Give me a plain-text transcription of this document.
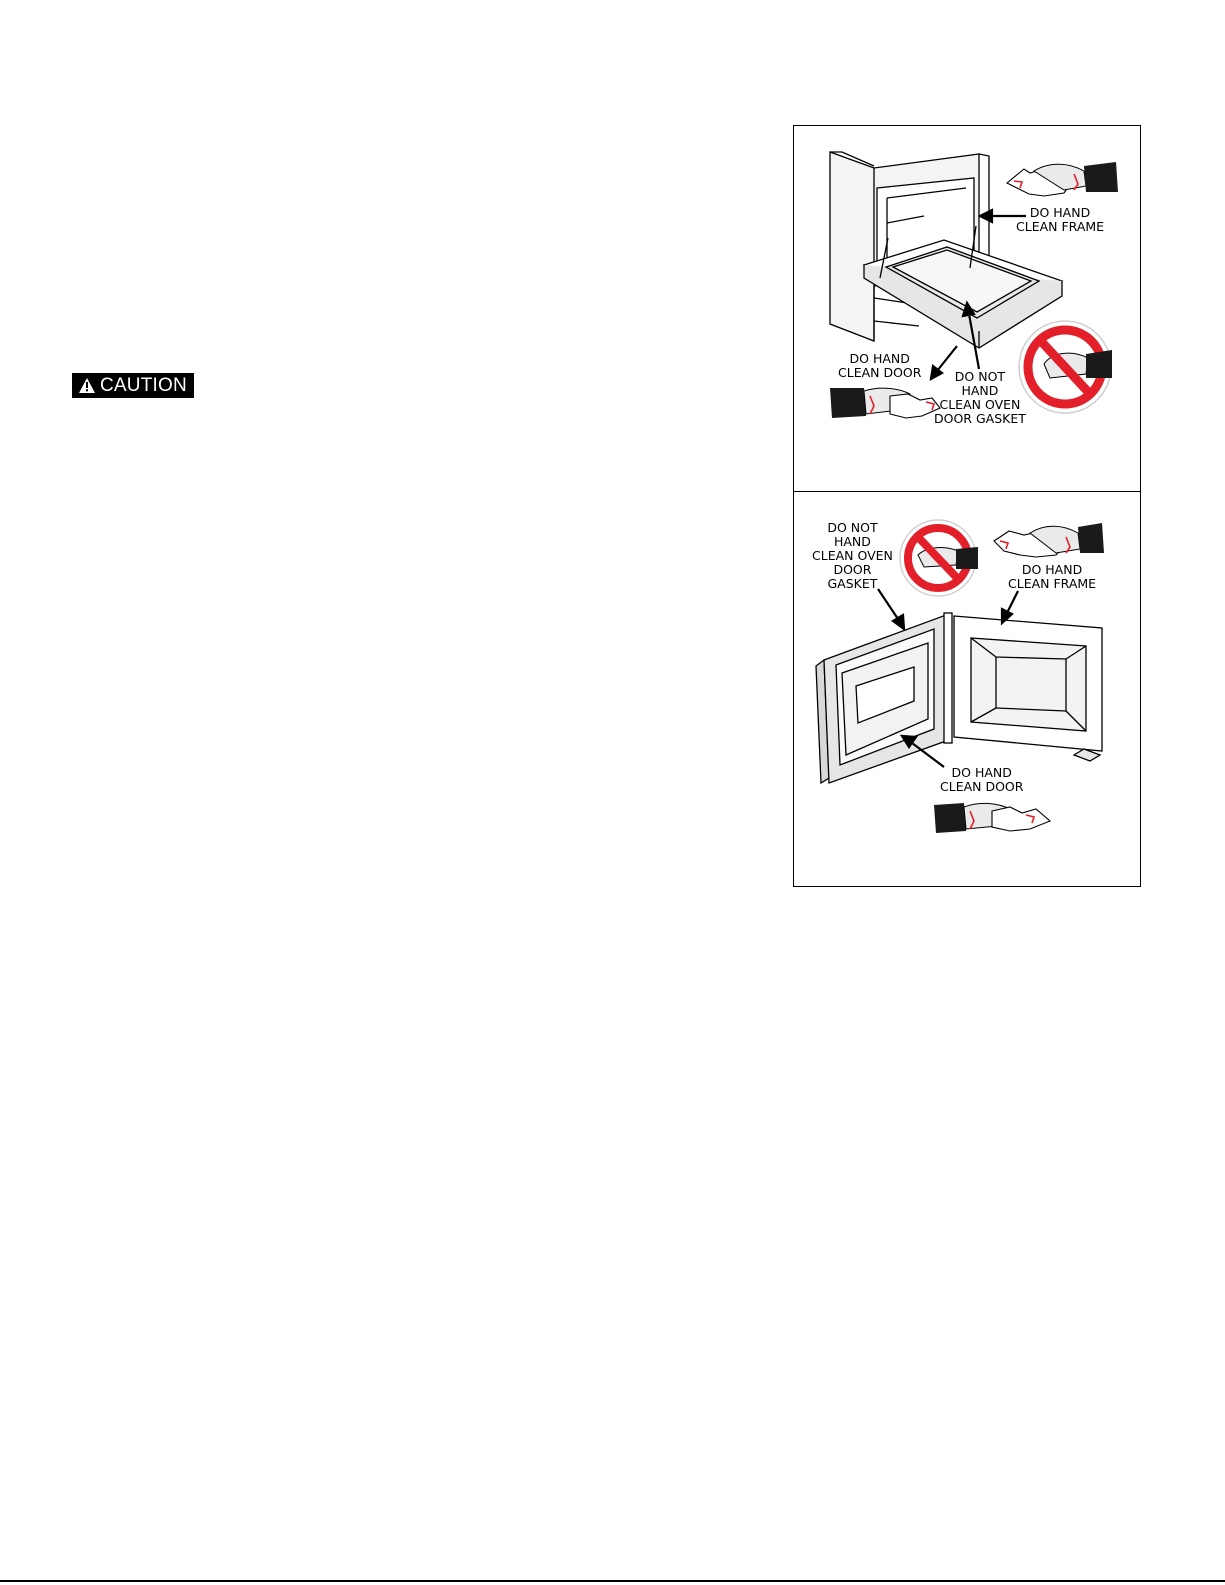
CAUTION
DO HAND
CLEAN FRAME
DO HAND
CLEAN DOOR	DO NOT
HAND
CLEAN OVEN
DOOR GASKET
DO NOT
HAND
CLEAN OVEN
DOOR
GASKET
DO HAND
CLEAN FRAME
DO HAND
CLEAN DOOR
